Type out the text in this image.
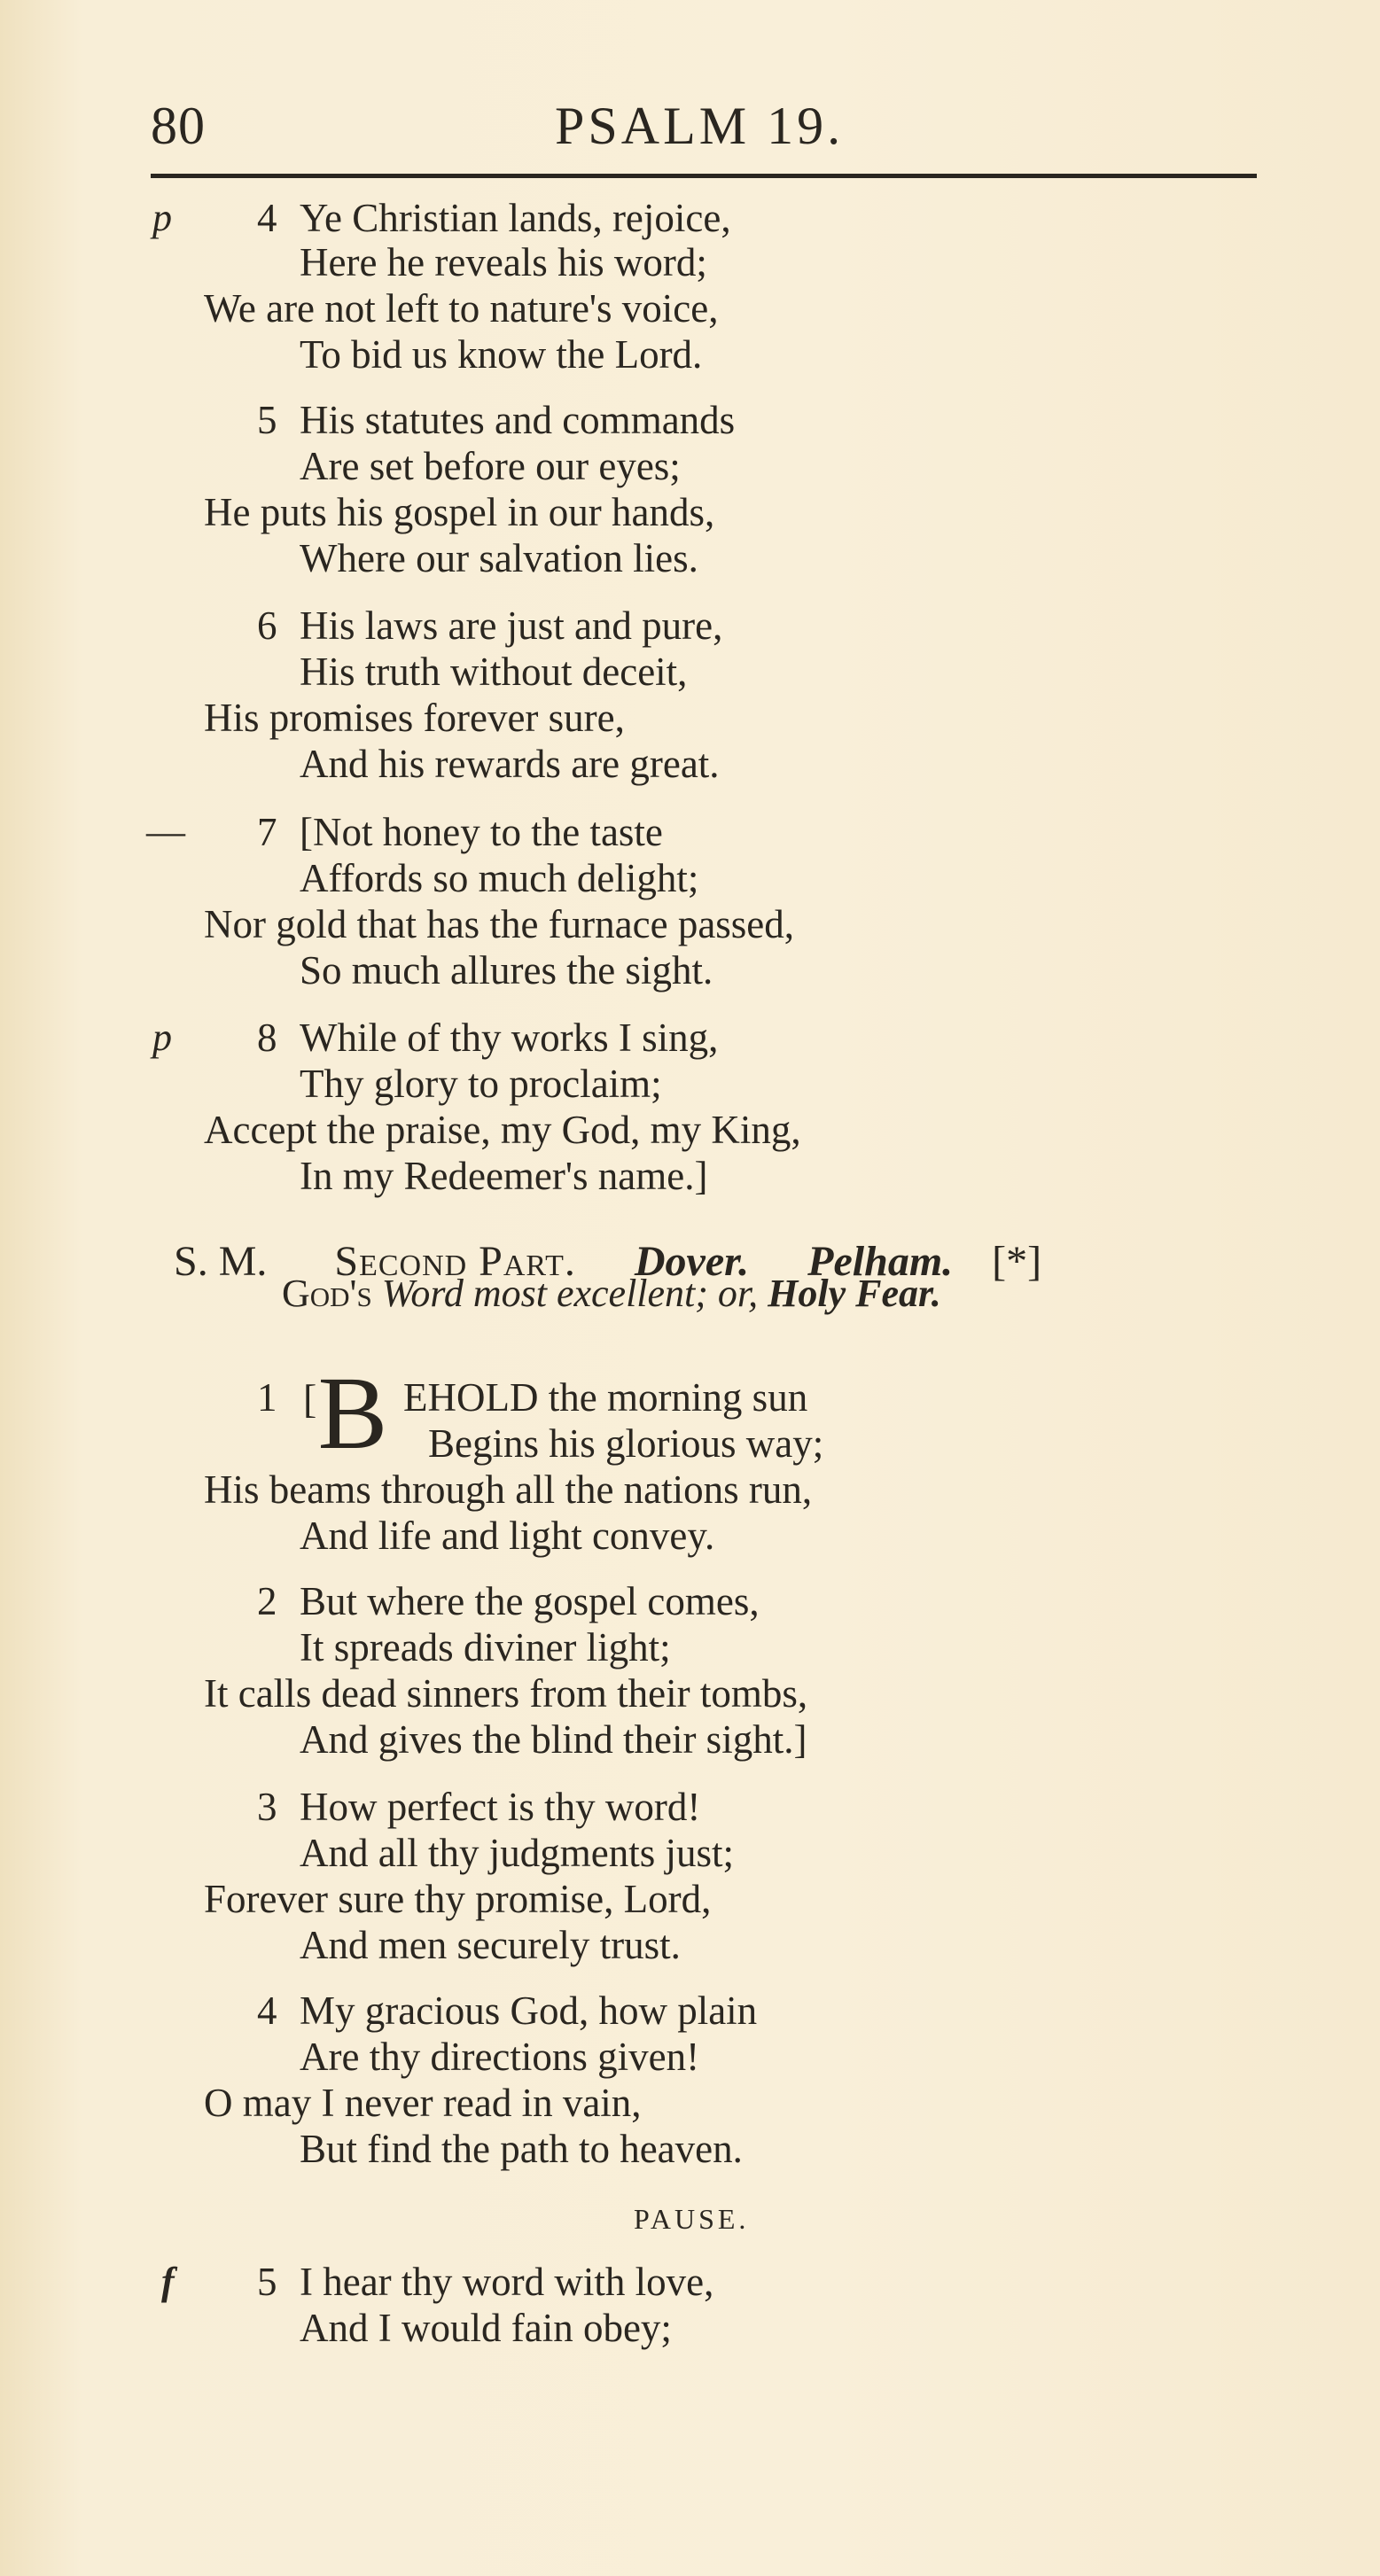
80	PSALM 19.
p 4 Ye Christian lands, rejoice,
Here he reveals his word;
We are not left to nature's voice,
To bid us know the Lord.
5 His statutes and commands
Are set before our eyes;
He puts his gospel in our hands,
Where our salvation lies.
6 His laws are just and pure,
His truth without deceit,
His promises forever sure,
And his rewards are great.
— 7 [Not honey to the taste
Affords so much delight;
Nor gold that has the furnace passed,
So much allures the sight.
p 8 While of thy works I sing,
Thy glory to proclaim;
Accept the praise, my God, my King,
In my Redeemer's name.]
S. M. Second Part. Dover. Pelham. [*]
God's Word most excellent; or, Holy Fear.
1 [ B EHOLD the morning sun
Begins his glorious way;
His beams through all the nations run,
And life and light convey.
2 But where the gospel comes,
It spreads diviner light;
It calls dead sinners from their tombs,
And gives the blind their sight.]
3 How perfect is thy word!
And all thy judgments just;
Forever sure thy promise, Lord,
And men securely trust.
4 My gracious God, how plain
Are thy directions given!
O may I never read in vain,
But find the path to heaven.
PAUSE.
f 5 I hear thy word with love,
And I would fain obey;
